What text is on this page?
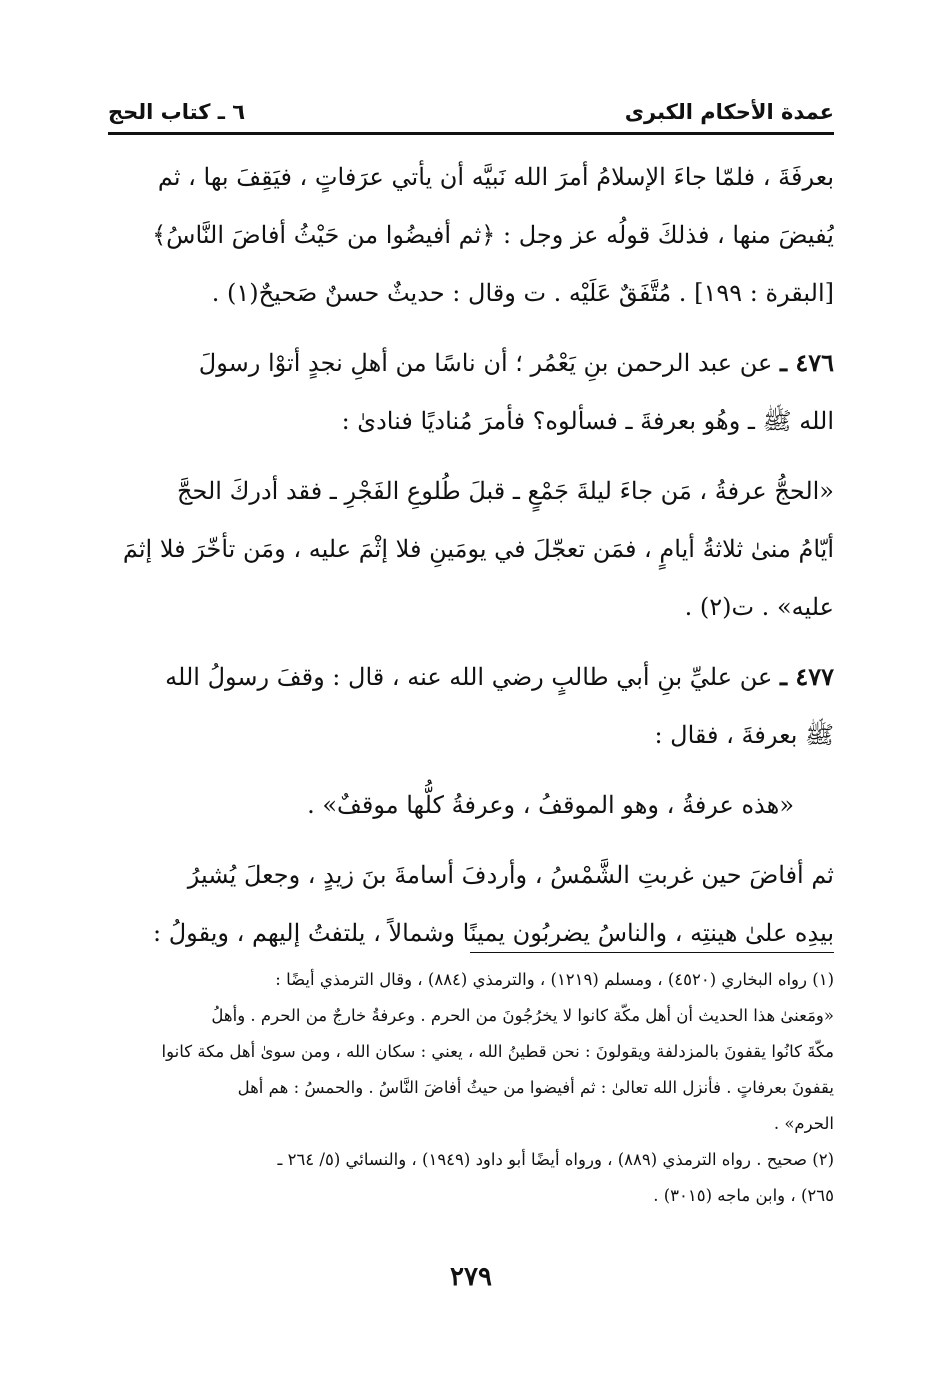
عمدة الأحكام الكبرى
٦ ـ كتاب الحج
بعرفَةَ ، فلمّا جاءَ الإسلامُ أمرَ الله نَبيَّه أن يأتي عرَفاتٍ ، فيَقِفَ بها ، ثم
يُفيضَ منها ، فذلكَ قولُه عز وجل : ﴿ثم أفيضُوا من حَيْثُ أفاضَ النَّاسُ﴾
[البقرة : ١٩٩] . مُتَّفَقٌ عَلَيْه . ت وقال : حديثٌ حسنٌ صَحيحٌ(١) .
٤٧٦ ـ عن عبد الرحمن بنِ يَعْمُر ؛ أن ناسًا من أهلِ نجدٍ أتوْا رسولَ
الله ﷺ ـ وهُو بعرفةَ ـ فسألوه؟ فأمرَ مُناديًا فنادىٰ :
«الحجُّ عرفةُ ، مَن جاءَ ليلةَ جَمْعٍ ـ قبلَ طُلوعِ الفَجْرِ ـ فقد أدركَ الحجَّ
أيّامُ منىٰ ثلاثةُ أيامٍ ، فمَن تعجّلَ في يومَينِ فلا إثْمَ عليه ، ومَن تأخّرَ فلا إثمَ
عليه» . ت(٢) .
٤٧٧ ـ عن عليِّ بنِ أبي طالبٍ رضي الله عنه ، قال : وقفَ رسولُ الله
ﷺ بعرفةَ ، فقال :
«هذه عرفةُ ، وهو الموقفُ ، وعرفةُ كلُّها موقفٌ» .
ثم أفاضَ حين غربتِ الشَّمْسُ ، وأردفَ أسامةَ بنَ زيدٍ ، وجعلَ يُشيرُ
بيدِه علىٰ هينتِه ، والناسُ يضربُون يمينًا وشمالاً ، يلتفتُ إليهم ، ويقولُ :
(١) رواه البخاري (٤٥٢٠) ، ومسلم (١٢١٩) ، والترمذي (٨٨٤) ، وقال الترمذي أيضًا :
«ومَعنىٰ هذا الحديث أن أهل مكّة كانوا لا يخرُجُونَ من الحرم . وعرفةُ خارجٌ من الحرم . وأهلُ
مكّةَ كانُوا يقفونَ بالمزدلفة ويقولونَ : نحن قطينُ الله ، يعني : سكان الله ، ومن سوىٰ أهل مكة كانوا
يقفونَ بعرفاتٍ . فأنزل الله تعالىٰ : ثم أفيضوا من حيثُ أفاضَ النَّاسُ . والحمسُ : هم أهل
الحرم» .
(٢) صحيح . رواه الترمذي (٨٨٩) ، ورواه أيضًا أبو داود (١٩٤٩) ، والنسائي (٥/ ٢٦٤ ـ
٢٦٥) ، وابن ماجه (٣٠١٥) .
٢٧٩
